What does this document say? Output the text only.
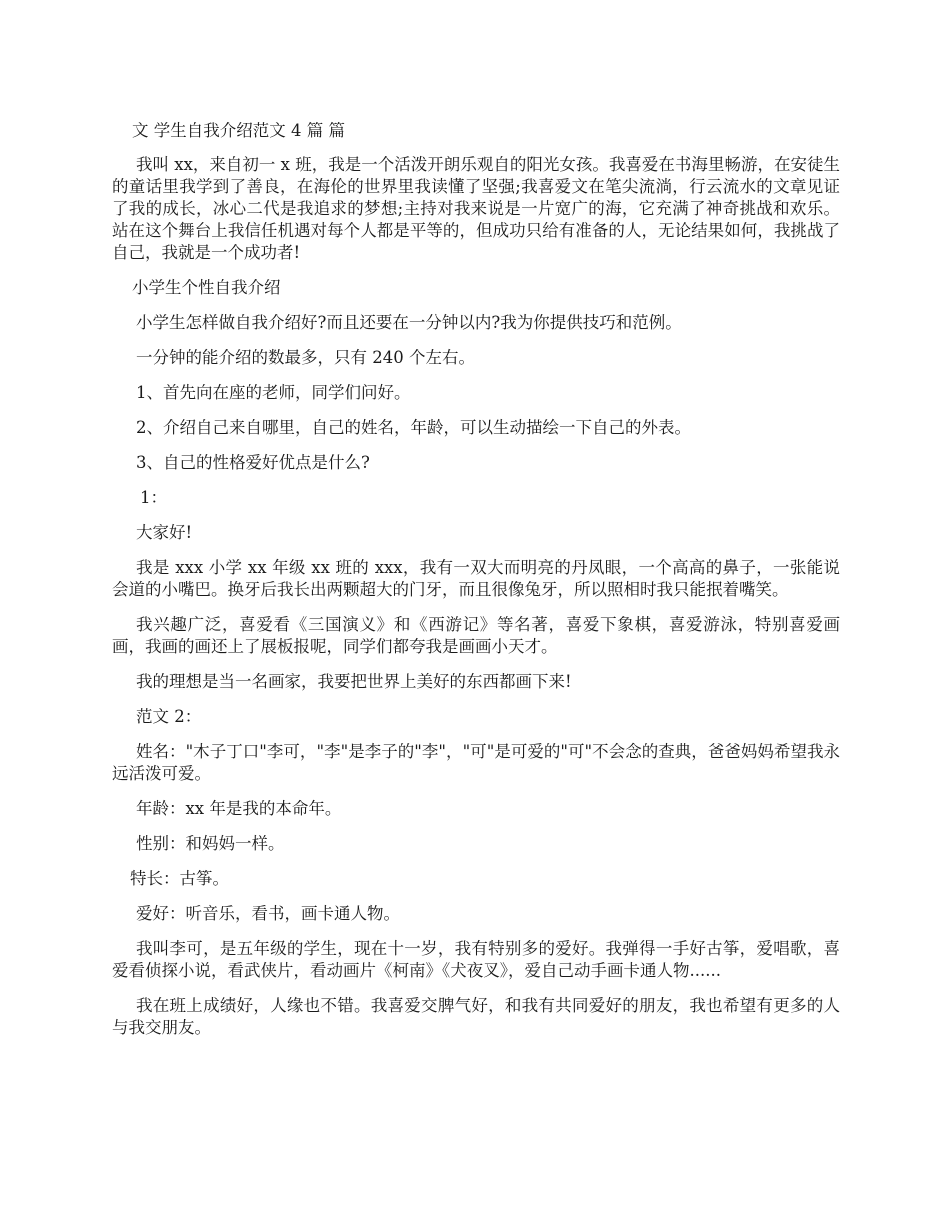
文 学生自我介绍范文 4 篇 篇

我叫 xx，来自初一 x 班，我是一个活泼开朗乐观自的阳光女孩。我喜爱在书海里畅游，在安徒生的童话里我学到了善良，在海伦的世界里我读懂了坚强;我喜爱文在笔尖流淌，行云流水的文章见证了我的成长，冰心二代是我追求的梦想;主持对我来说是一片宽广的海，它充满了神奇挑战和欢乐。站在这个舞台上我信任机遇对每个人都是平等的，但成功只给有准备的人，无论结果如何，我挑战了自己，我就是一个成功者!

小学生个性自我介绍

小学生怎样做自我介绍好?而且还要在一分钟以内?我为你提供技巧和范例。

一分钟的能介绍的数最多，只有 240 个左右。

1、首先向在座的老师，同学们问好。

2、介绍自己来自哪里，自己的姓名，年龄，可以生动描绘一下自己的外表。

3、自己的性格爱好优点是什么?

1：

大家好!

我是 xxx 小学 xx 年级 xx 班的 xxx，我有一双大而明亮的丹凤眼，一个高高的鼻子，一张能说会道的小嘴巴。换牙后我长出两颗超大的门牙，而且很像兔牙，所以照相时我只能抿着嘴笑。

我兴趣广泛，喜爱看《三国演义》和《西游记》等名著，喜爱下象棋，喜爱游泳，特别喜爱画画，我画的画还上了展板报呢，同学们都夸我是画画小天才。

我的理想是当一名画家，我要把世界上美好的东西都画下来!

范文 2：

姓名："木子丁口"李可，"李"是李子的"李"，"可"是可爱的"可"不会念的查典，爸爸妈妈希望我永远活泼可爱。

年龄：xx 年是我的本命年。

性别：和妈妈一样。

特长：古筝。

爱好：听音乐，看书，画卡通人物。

我叫李可，是五年级的学生，现在十一岁，我有特别多的爱好。我弹得一手好古筝，爱唱歌，喜爱看侦探小说，看武侠片，看动画片《柯南》《犬夜叉》，爱自己动手画卡通人物......

我在班上成绩好，人缘也不错。我喜爱交脾气好，和我有共同爱好的朋友，我也希望有更多的人与我交朋友。
